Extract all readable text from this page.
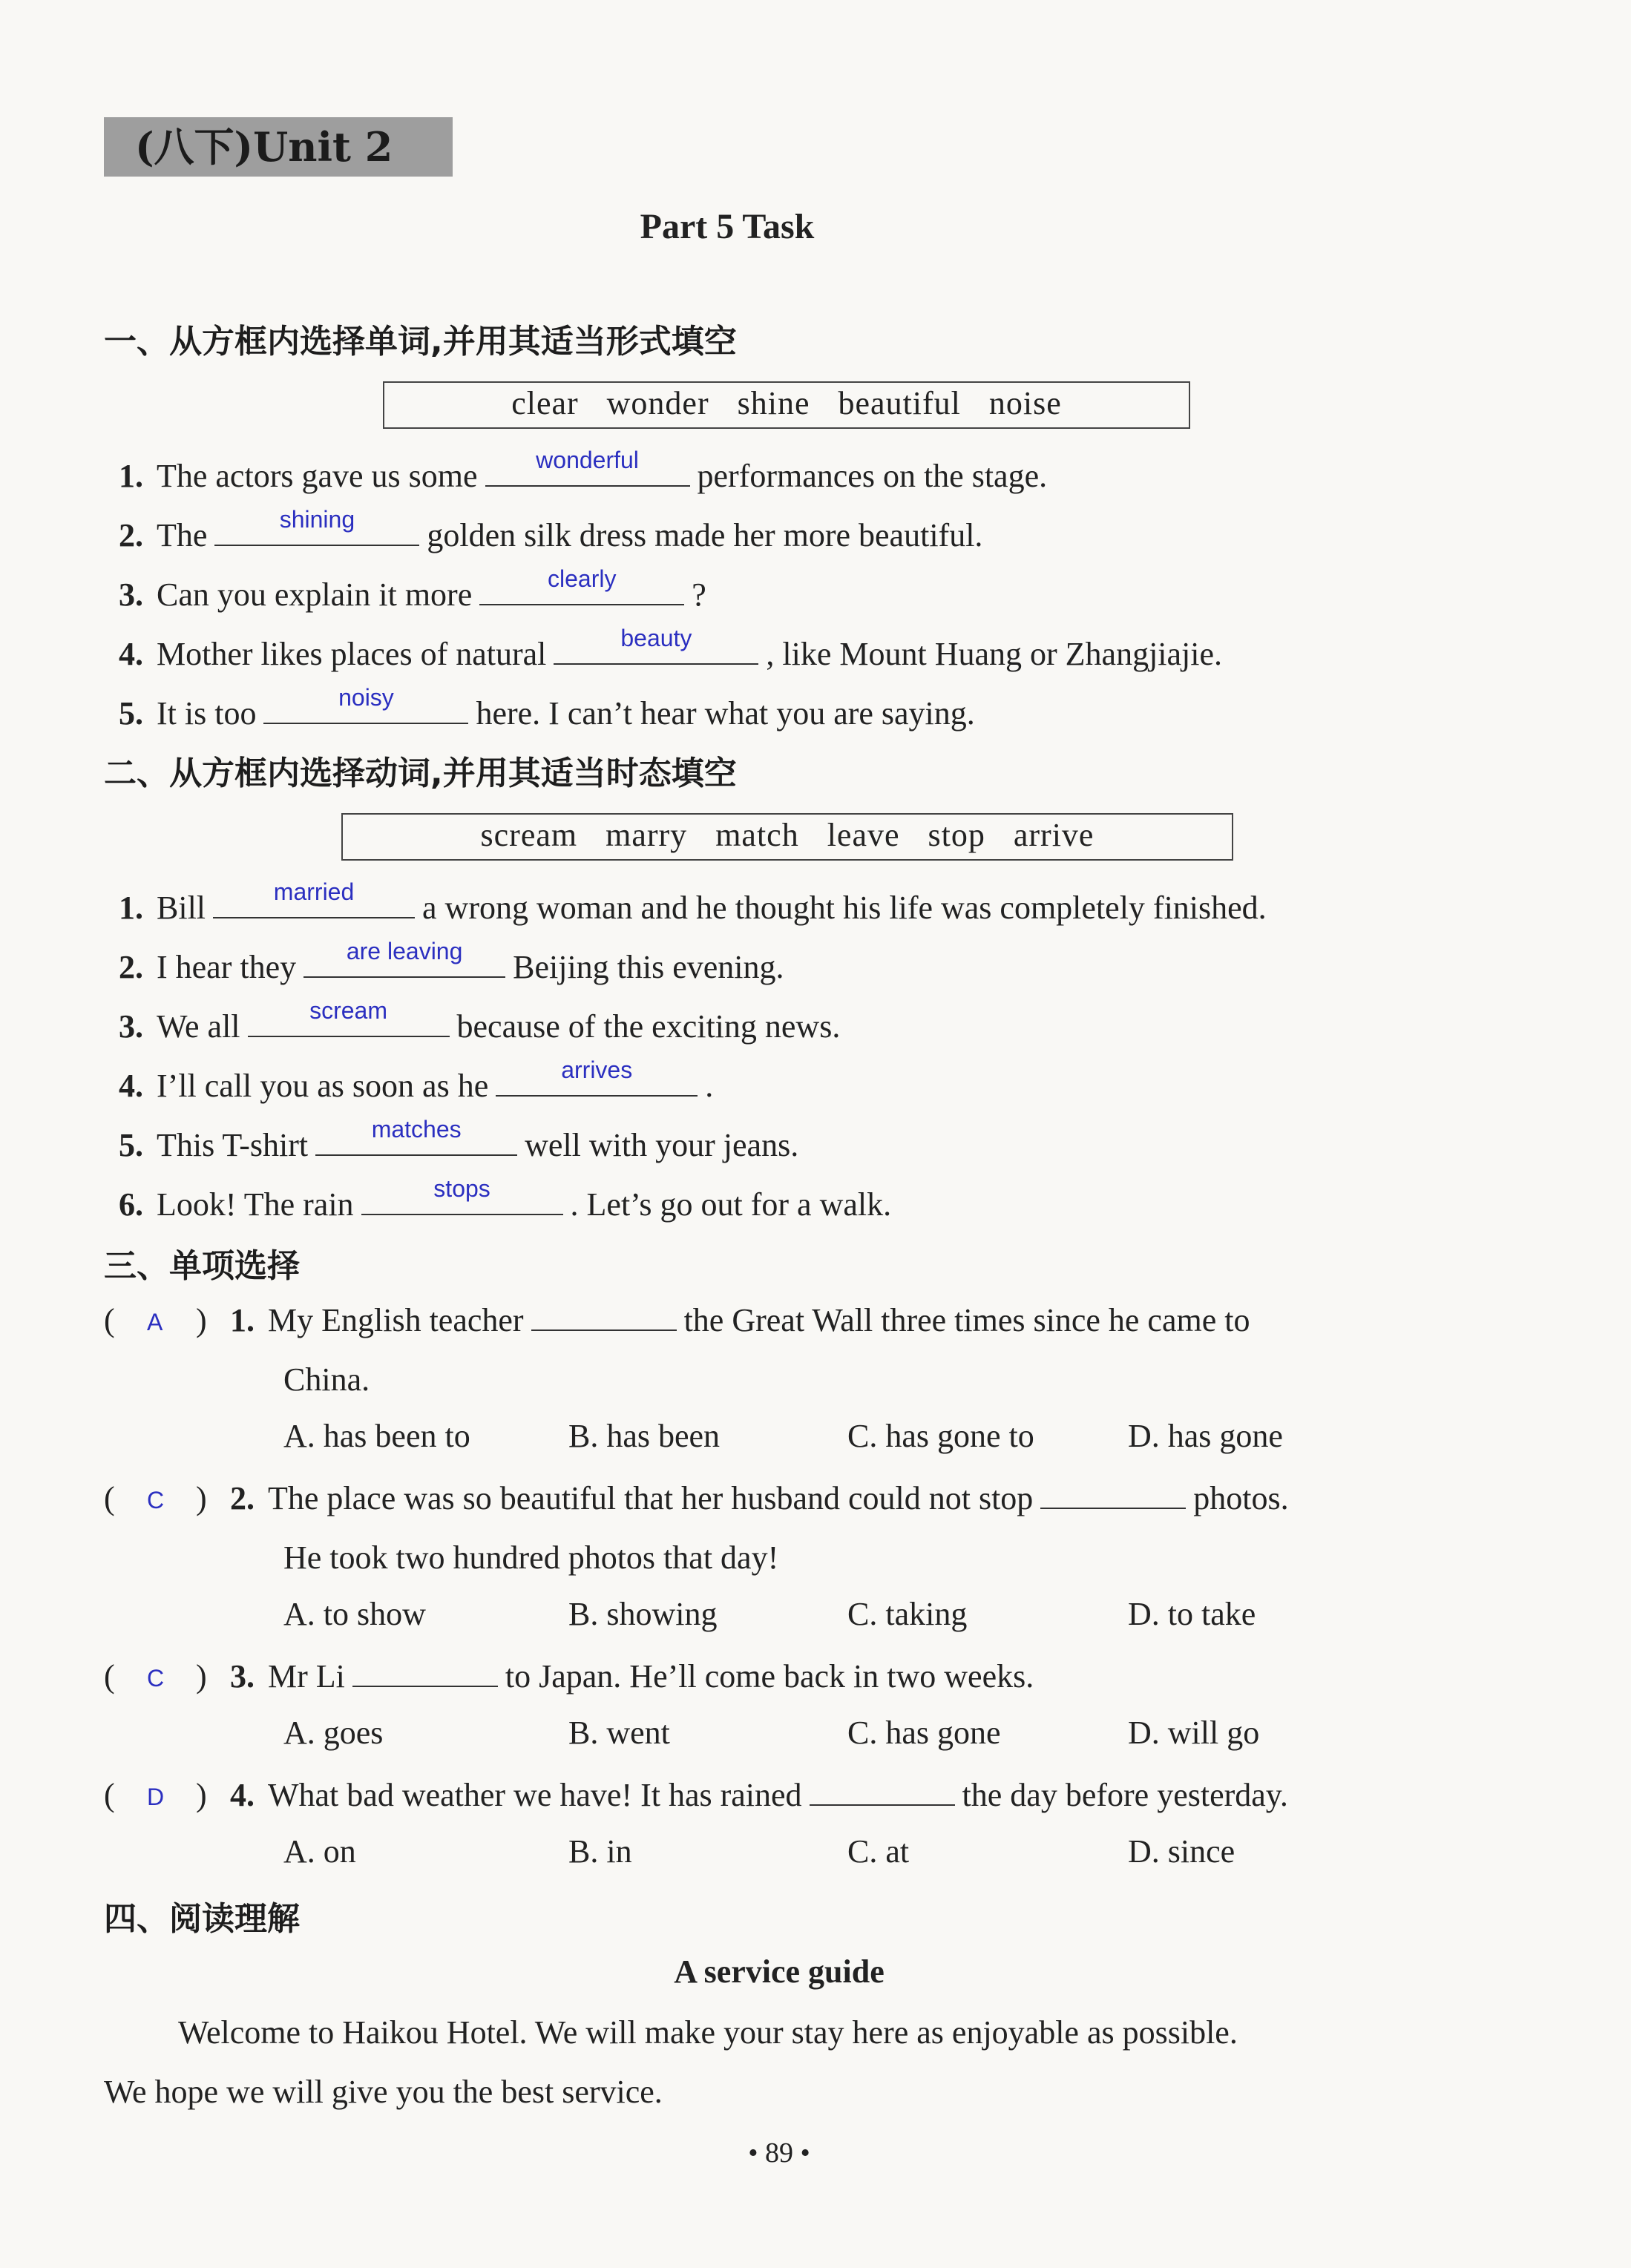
(八下)Unit 2
Part 5 Task
一、从方框内选择单词,并用其适当形式填空
clear wonder shine beautiful noise
1. The actors gave us some	wonderful	performances on the stage.
2. The	shining	golden silk dress made her more beautiful.
3. Can you explain it more	clearly	?
4. Mother likes places of natural	beauty	, like Mount Huang or Zhangjiajie.
5. It is too	noisy	here. I can’t hear what you are saying.
二、从方框内选择动词,并用其适当时态填空
scream marry match leave stop arrive
1. Bill	married	a wrong woman and he thought his life was completely finished.
2. I hear they	are leaving	Beijing this evening.
3. We all	scream	because of the exciting news.
4. I’ll call you as soon as he	arrives	.
5. This T-shirt	matches	well with your jeans.
6. Look! The rain	stops	. Let’s go out for a walk.
三、单项选择
( A ) 1. My English teacher	the Great Wall three times since he came to
China.
A. has been to	B. has been	C. has gone to	D. has gone
( C ) 2. The place was so beautiful that her husband could not stop	photos.
He took two hundred photos that day!
A. to show	B. showing	C. taking	D. to take
( C ) 3. Mr Li	to Japan. He’ll come back in two weeks.
A. goes	B. went	C. has gone	D. will go
( D ) 4. What bad weather we have! It has rained	the day before yesterday.
A. on	B. in	C. at	D. since
四、阅读理解
A service guide
Welcome to Haikou Hotel. We will make your stay here as enjoyable as possible.
We hope we will give you the best service.
• 89 •
